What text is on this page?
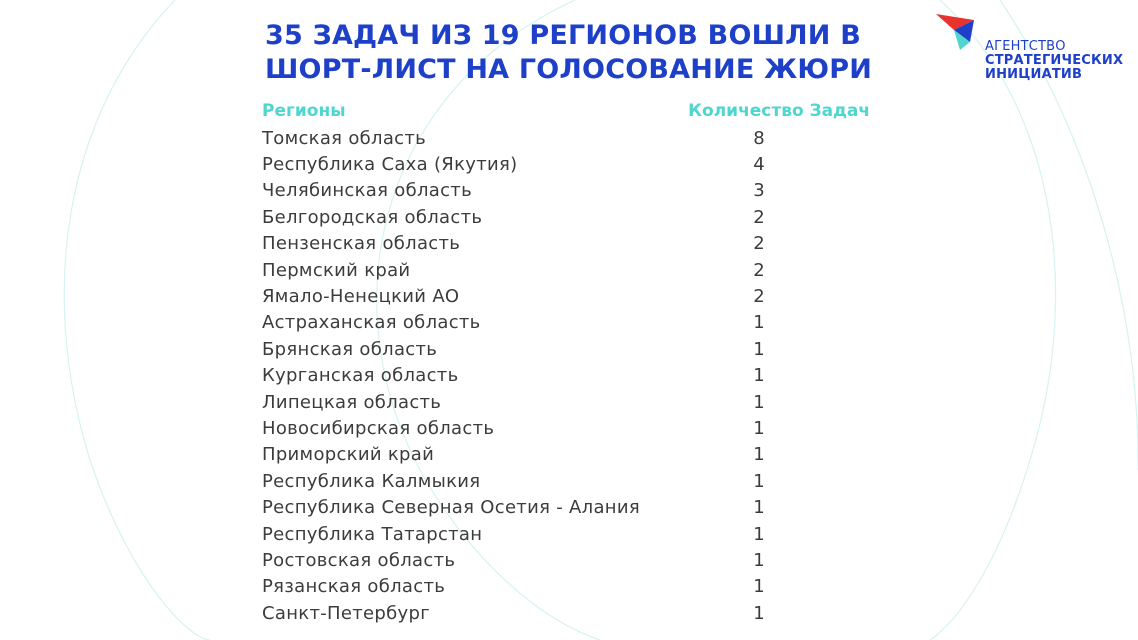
35 ЗАДАЧ ИЗ 19 РЕГИОНОВ ВОШЛИ В
ШОРТ-ЛИСТ НА ГОЛОСОВАНИЕ ЖЮРИ
АГЕНТСТВО
СТРАТЕГИЧЕСКИХ
ИНИЦИАТИВ
Регионы	Количество Задач
Томская область	8
Республика Саха (Якутия)	4
Челябинская область	3
Белгородская область	2
Пензенская область	2
Пермский край	2
Ямало-Ненецкий АО	2
Астраханская область	1
Брянская область	1
Курганская область	1
Липецкая область	1
Новосибирская область	1
Приморский край	1
Республика Калмыкия	1
Республика Северная Осетия - Алания	1
Республика Татарстан	1
Ростовская область	1
Рязанская область	1
Санкт-Петербург	1
